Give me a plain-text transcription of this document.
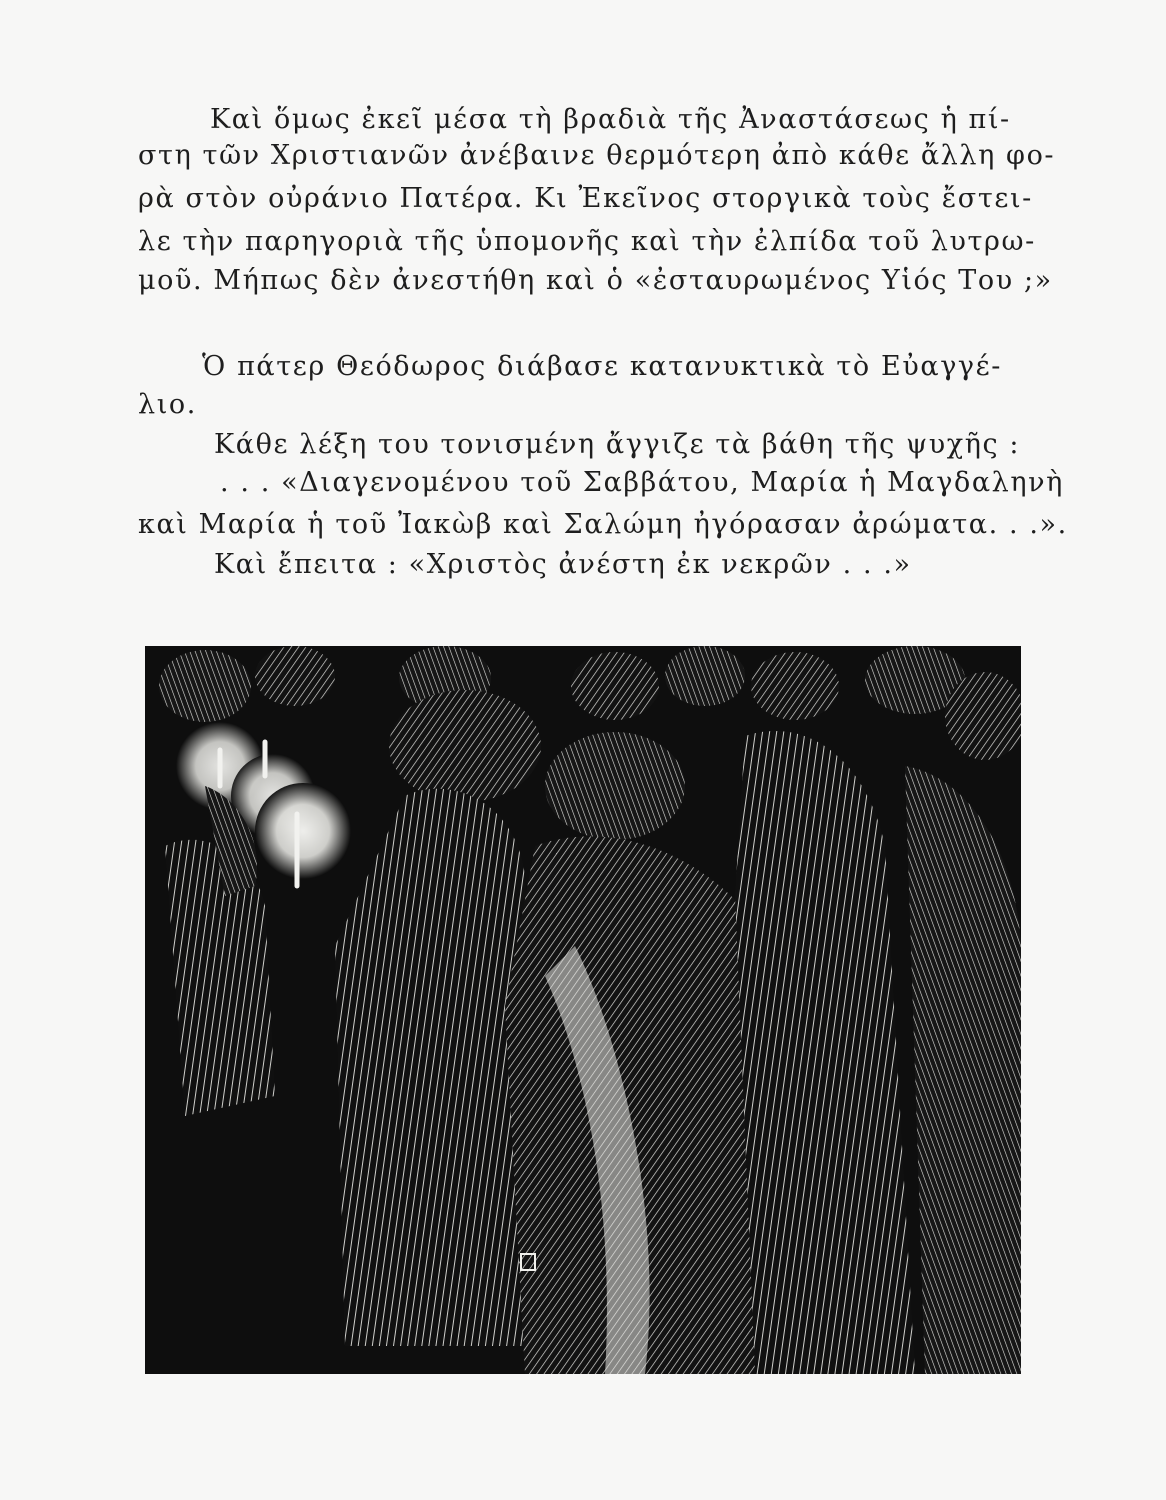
Καὶ ὅμως ἐκεῖ μέσα τὴ βραδιὰ τῆς Ἀναστάσεως ἡ πί-
στη τῶν Χριστιανῶν ἀνέβαινε θερμότερη ἀπὸ κάθε ἄλλη φο-
ρὰ στὸν οὐράνιο Πατέρα. Κι Ἐκεῖνος στοργικὰ τοὺς ἔστει-
λε τὴν παρηγοριὰ τῆς ὑπομονῆς καὶ τὴν ἐλπίδα τοῦ λυτρω-
μοῦ. Μήπως δὲν ἀνεστήθη καὶ ὁ «ἐσταυρωμένος Υἱός Του ;»
Ὁ πάτερ Θεόδωρος διάβασε κατανυκτικὰ τὸ Εὐαγγέ-
λιο.
Κάθε λέξη του τονισμένη ἄγγιζε τὰ βάθη τῆς ψυχῆς :
. . . «Διαγενομένου τοῦ Σαββάτου, Μαρία ἡ Μαγδαληνὴ
καὶ Μαρία ἡ τοῦ Ἰακὼβ καὶ Σαλώμη ἠγόρασαν ἀρώματα. . .».
Καὶ ἔπειτα : «Χριστὸς ἀνέστη ἐκ νεκρῶν . . .»
